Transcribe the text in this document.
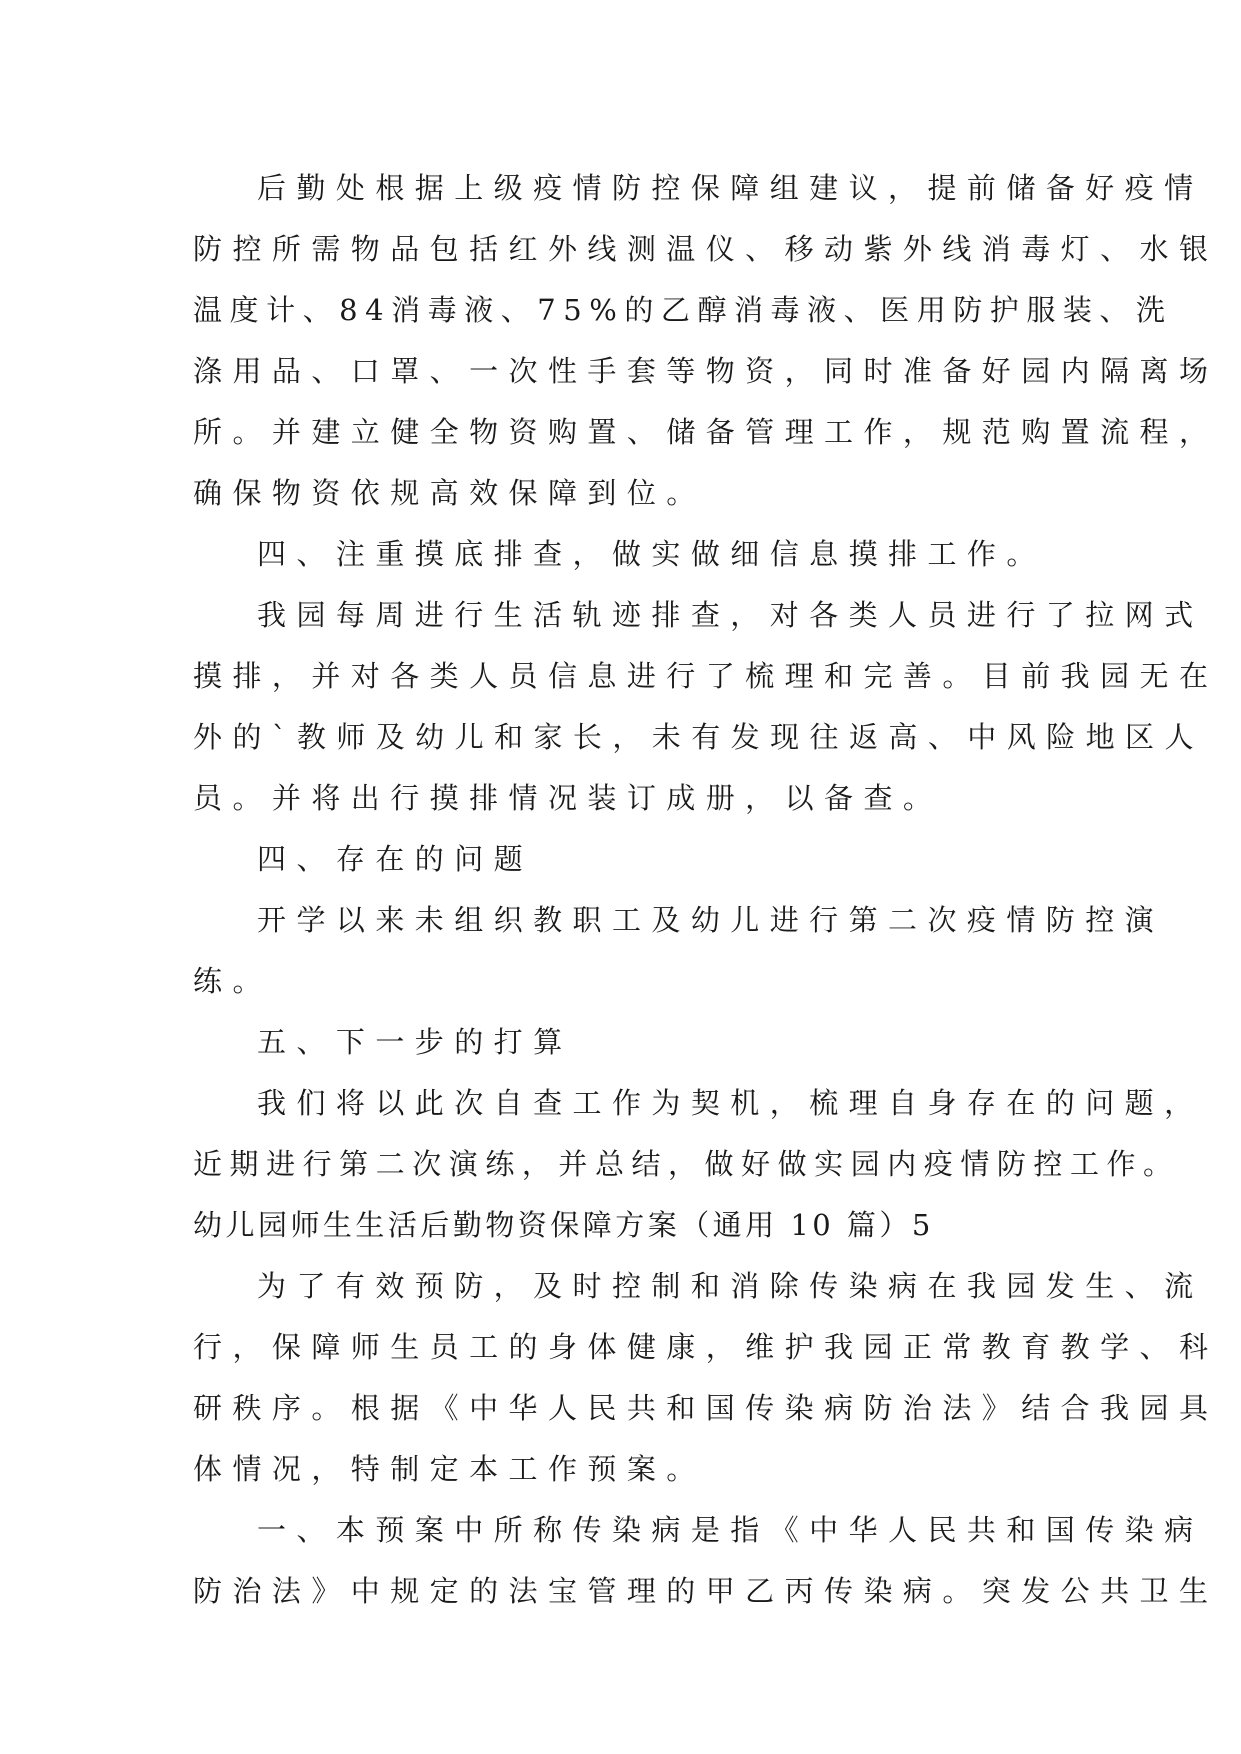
后勤处根据上级疫情防控保障组建议，提前储备好疫情
防控所需物品包括红外线测温仪、移动紫外线消毒灯、水银
温度计、84消毒液、75%的乙醇消毒液、医用防护服装、洗
涤用品、口罩、一次性手套等物资，同时准备好园内隔离场
所。并建立健全物资购置、储备管理工作，规范购置流程，
确保物资依规高效保障到位。
四、注重摸底排查，做实做细信息摸排工作。
我园每周进行生活轨迹排查，对各类人员进行了拉网式
摸排，并对各类人员信息进行了梳理和完善。目前我园无在
外的`教师及幼儿和家长，未有发现往返高、中风险地区人
员。并将出行摸排情况装订成册，以备查。
四、存在的问题
开学以来未组织教职工及幼儿进行第二次疫情防控演
练。
五、下一步的打算
我们将以此次自查工作为契机，梳理自身存在的问题，
近期进行第二次演练，并总结，做好做实园内疫情防控工作。
幼儿园师生生活后勤物资保障方案（通用 10 篇）5
为了有效预防，及时控制和消除传染病在我园发生、流
行，保障师生员工的身体健康，维护我园正常教育教学、科
研秩序。根据《中华人民共和国传染病防治法》结合我园具
体情况，特制定本工作预案。
一、本预案中所称传染病是指《中华人民共和国传染病
防治法》中规定的法宝管理的甲乙丙传染病。突发公共卫生
